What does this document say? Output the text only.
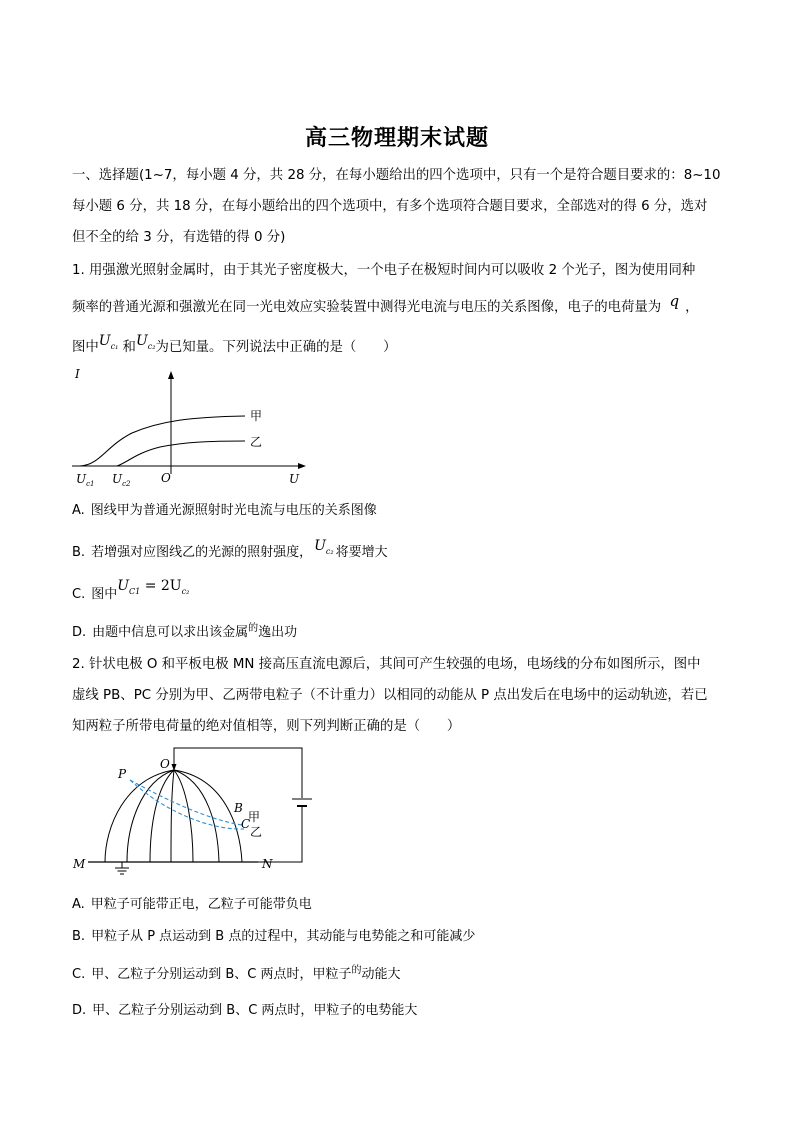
高三物理期末试题
一、选择题(1~7，每小题 4 分，共 28 分，在每小题给出的四个选项中，只有一个是符合题目要求的：8~10
每小题 6 分，共 18 分，在每小题给出的四个选项中，有多个选项符合题目要求，全部选对的得 6 分，选对
但不全的给 3 分，有选错的得 0 分)
1. 用强激光照射金属时，由于其光子密度极大，一个电子在极短时间内可以吸收 2 个光子，图为使用同种
频率的普通光源和强激光在同一光电效应实验装置中测得光电流与电压的关系图像，电子的电荷量为 q ，
图中$U_{c_1}$ 和$U_{c_2}$为已知量。下列说法中正确的是（　　）
I
U
O
甲
乙
$U_{c1}$ $U_{c2}$
A. 图线甲为普通光源照射时光电流与电压的关系图像
B. 若增强对应图线乙的光源的照射强度， $U_{c_2}$ 将要增大
C. 图中$U_{C1} = 2U_{c_2}$
D. 由题中信息可以求出该金属$^的$逸出功
2. 针状电极 O 和平板电极 MN 接高压直流电源后，其间可产生较强的电场，电场线的分布如图所示，图中
虚线 PB、PC 分别为甲、乙两带电粒子（不计重力）以相同的动能从 P 点出发后在电场中的运动轨迹，若已
知两粒子所带电荷量的绝对值相等，则下列判断正确的是（　　）
P
O
B
甲
C
乙
M	N
A. 甲粒子可能带正电，乙粒子可能带负电
B. 甲粒子从 P 点运动到 B 点的过程中，其动能与电势能之和可能减少
C. 甲、乙粒子分别运动到 B、C 两点时，甲粒子$^的$动能大
D. 甲、乙粒子分别运动到 B、C 两点时，甲粒子的电势能大
